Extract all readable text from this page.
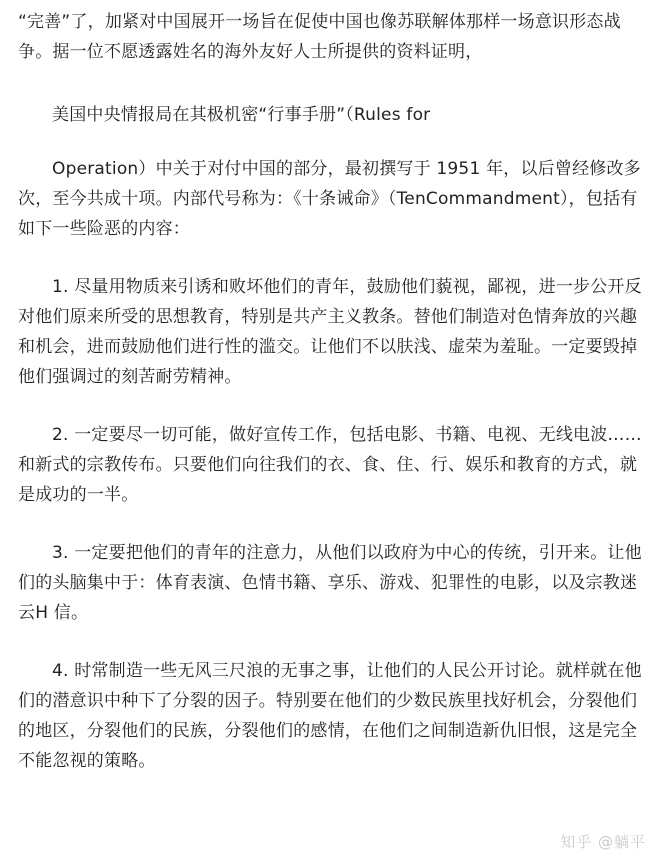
“完善”了，加紧对中国展开一场旨在促使中国也像苏联解体那样一场意识形态战争。据一位不愿透露姓名的海外友好人士所提供的资料证明，

美国中央情报局在其极机密“行事手册”（Rules for

Operation）中关于对付中国的部分，最初撰写于 1951 年，以后曾经修改多次，至今共成十项。内部代号称为：《十条诫命》（TenCommandment），包括有如下一些险恶的内容：

1. 尽量用物质来引诱和败坏他们的青年，鼓励他们藐视，鄙视，进一步公开反对他们原来所受的思想教育，特别是共产主义教条。替他们制造对色情奔放的兴趣和机会，进而鼓励他们进行性的滥交。让他们不以肤浅、虚荣为羞耻。一定要毁掉他们强调过的刻苦耐劳精神。

2. 一定要尽一切可能，做好宣传工作，包括电影、书籍、电视、无线电波……和新式的宗教传布。只要他们向往我们的衣、食、住、行、娱乐和教育的方式，就是成功的一半。

3. 一定要把他们的青年的注意力，从他们以政府为中心的传统，引开来。让他们的头脑集中于：体育表演、色情书籍、享乐、游戏、犯罪性的电影，以及宗教迷云H 信。

4. 时常制造一些无风三尺浪的无事之事，让他们的人民公开讨论。就样就在他们的潜意识中种下了分裂的因子。特别要在他们的少数民族里找好机会，分裂他们的地区，分裂他们的民族，分裂他们的感情，在他们之间制造新仇旧恨，这是完全不能忽视的策略。

知乎 @躺平
